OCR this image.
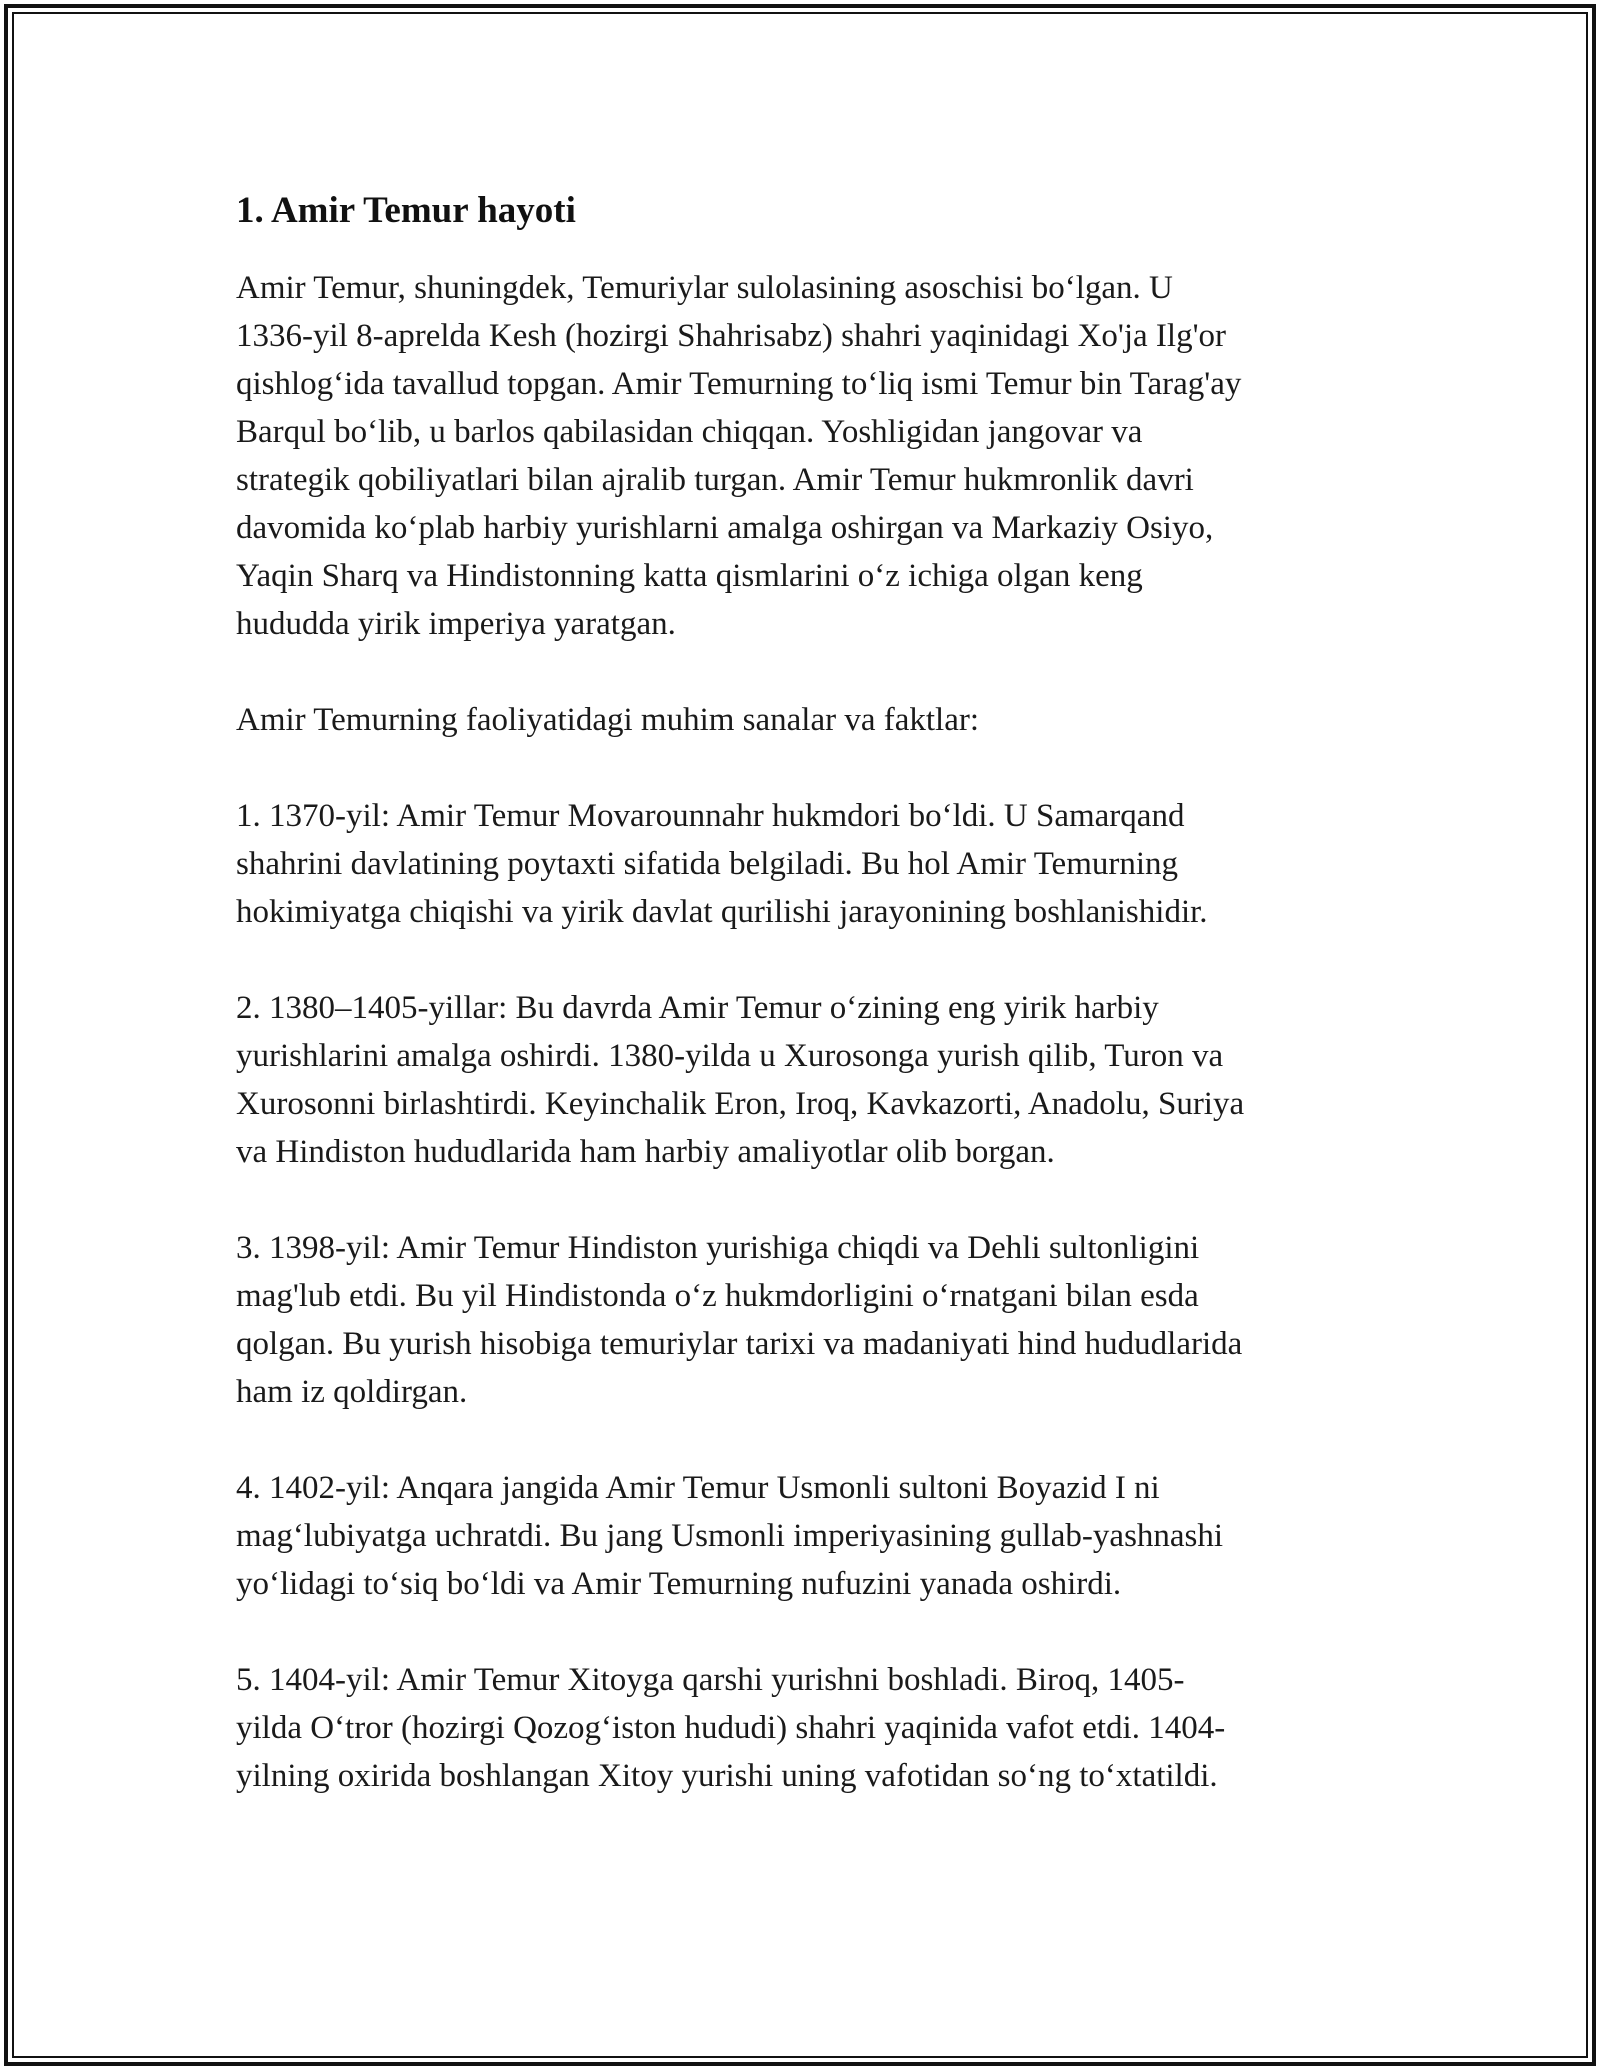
1. Amir Temur hayoti

Amir Temur, shuningdek, Temuriylar sulolasining asoschisi bo‘lgan. U
1336-yil 8-aprelda Kesh (hozirgi Shahrisabz) shahri yaqinidagi Xo'ja Ilg'or
qishlog‘ida tavallud topgan. Amir Temurning to‘liq ismi Temur bin Tarag'ay
Barqul bo‘lib, u barlos qabilasidan chiqqan. Yoshligidan jangovar va
strategik qobiliyatlari bilan ajralib turgan. Amir Temur hukmronlik davri
davomida ko‘plab harbiy yurishlarni amalga oshirgan va Markaziy Osiyo,
Yaqin Sharq va Hindistonning katta qismlarini o‘z ichiga olgan keng
hududda yirik imperiya yaratgan.

Amir Temurning faoliyatidagi muhim sanalar va faktlar:

1. 1370-yil: Amir Temur Movarounnahr hukmdori bo‘ldi. U Samarqand
shahrini davlatining poytaxti sifatida belgiladi. Bu hol Amir Temurning
hokimiyatga chiqishi va yirik davlat qurilishi jarayonining boshlanishidir.

2. 1380–1405-yillar: Bu davrda Amir Temur o‘zining eng yirik harbiy
yurishlarini amalga oshirdi. 1380-yilda u Xurosonga yurish qilib, Turon va
Xurosonni birlashtirdi. Keyinchalik Eron, Iroq, Kavkazorti, Anadolu, Suriya
va Hindiston hududlarida ham harbiy amaliyotlar olib borgan.

3. 1398-yil: Amir Temur Hindiston yurishiga chiqdi va Dehli sultonligini
mag'lub etdi. Bu yil Hindistonda o‘z hukmdorligini o‘rnatgani bilan esda
qolgan. Bu yurish hisobiga temuriylar tarixi va madaniyati hind hududlarida
ham iz qoldirgan.

4. 1402-yil: Anqara jangida Amir Temur Usmonli sultoni Boyazid I ni
mag‘lubiyatga uchratdi. Bu jang Usmonli imperiyasining gullab-yashnashi
yo‘lidagi to‘siq bo‘ldi va Amir Temurning nufuzini yanada oshirdi.

5. 1404-yil: Amir Temur Xitoyga qarshi yurishni boshladi. Biroq, 1405-
yilda O‘tror (hozirgi Qozog‘iston hududi) shahri yaqinida vafot etdi. 1404-
yilning oxirida boshlangan Xitoy yurishi uning vafotidan so‘ng to‘xtatildi.
